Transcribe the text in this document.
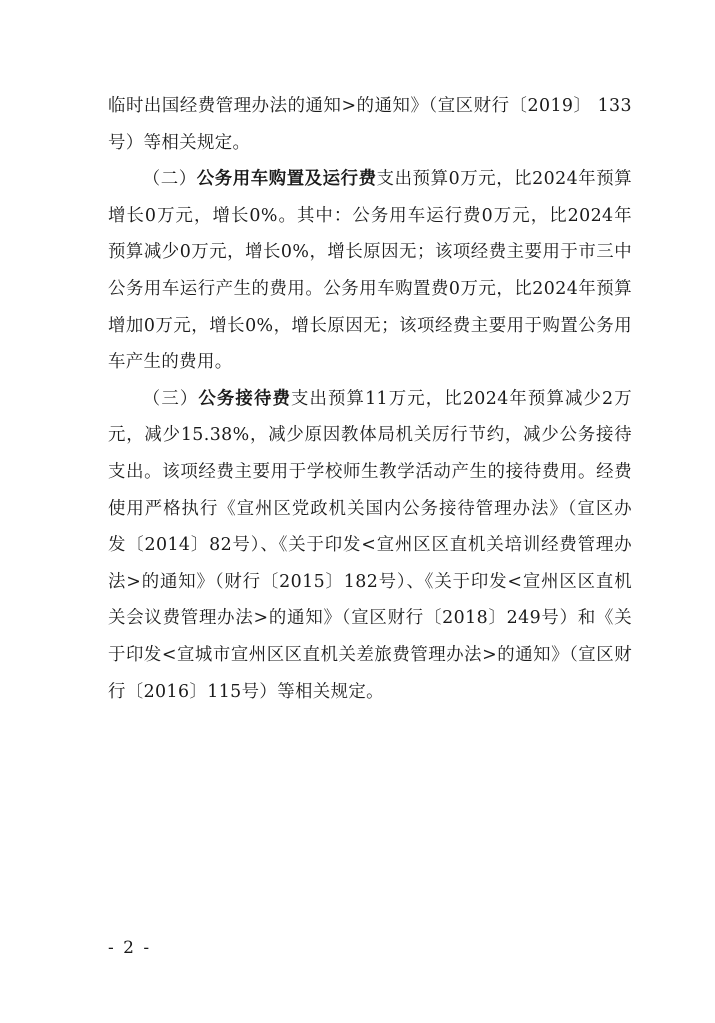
临时出国经费管理办法的通知>的通知》（宣区财行〔2019〕 133 号）等相关规定。

（二）公务用车购置及运行费支出预算0万元，比2024年预算增长0万元，增长0%。其中：公务用车运行费0万元，比2024年预算减少0万元，增长0%，增长原因无；该项经费主要用于市三中公务用车运行产生的费用。公务用车购置费0万元，比2024年预算增加0万元，增长0%，增长原因无；该项经费主要用于购置公务用车产生的费用。

（三）公务接待费支出预算11万元，比2024年预算减少2万元，减少15.38%，减少原因教体局机关厉行节约，减少公务接待支出。该项经费主要用于学校师生教学活动产生的接待费用。经费使用严格执行《宣州区党政机关国内公务接待管理办法》（宣区办发〔2014〕82号）、《关于印发<宣州区区直机关培训经费管理办法>的通知》（财行〔2015〕182号）、《关于印发<宣州区区直机关会议费管理办法>的通知》（宣区财行〔2018〕249号）和《关于印发<宣城市宣州区区直机关差旅费管理办法>的通知》（宣区财行〔2016〕115号）等相关规定。

- 2 -
